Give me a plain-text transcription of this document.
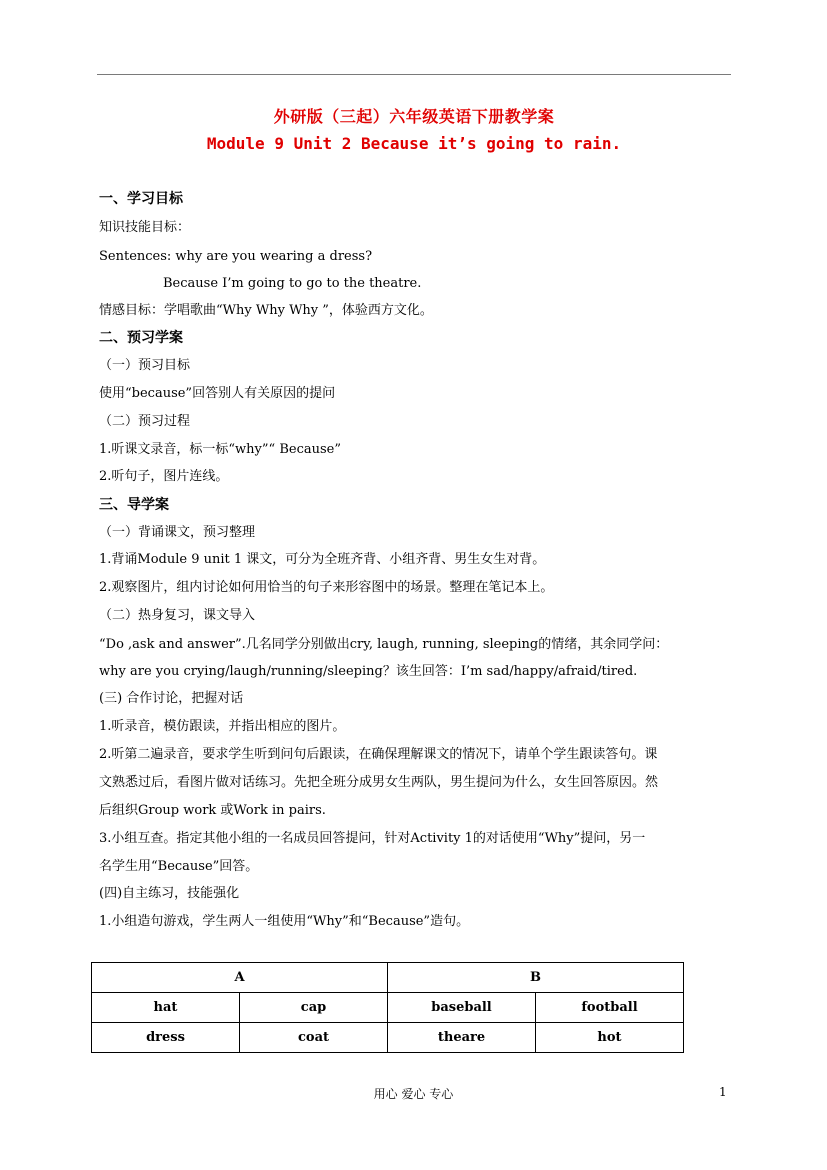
外研版（三起）六年级英语下册教学案
Module 9 Unit 2 Because it’s going to rain.
一、学习目标
知识技能目标：
Sentences: why are you wearing a dress?
Because I’m going to go to the theatre.
情感目标：学唱歌曲“Why Why Why ”，体验西方文化。
二、预习学案
（一）预习目标
使用“because”回答别人有关原因的提问
（二）预习过程
1.听课文录音，标一标“why”“ Because”
2.听句子，图片连线。
三、导学案
（一）背诵课文，预习整理
1.背诵Module 9 unit 1 课文，可分为全班齐背、小组齐背、男生女生对背。
2.观察图片，组内讨论如何用恰当的句子来形容图中的场景。整理在笔记本上。
（二）热身复习，课文导入
“Do ,ask and answer”.几名同学分别做出cry, laugh, running, sleeping的情绪，其余同学问：
why are you crying/laugh/running/sleeping？该生回答：I’m sad/happy/afraid/tired.
(三) 合作讨论，把握对话
1.听录音，模仿跟读，并指出相应的图片。
2.听第二遍录音，要求学生听到问句后跟读，在确保理解课文的情况下，请单个学生跟读答句。课
文熟悉过后，看图片做对话练习。先把全班分成男女生两队，男生提问为什么，女生回答原因。然
后组织Group work 或Work in pairs.
3.小组互查。指定其他小组的一名成员回答提问，针对Activity 1的对话使用“Why”提问，另一
名学生用“Because”回答。
(四)自主练习，技能强化
1.小组造句游戏，学生两人一组使用“Why”和“Because”造句。
A		B	
hat	cap	baseball	football
dress	coat	theare	hot
用心 爱心 专心	1
